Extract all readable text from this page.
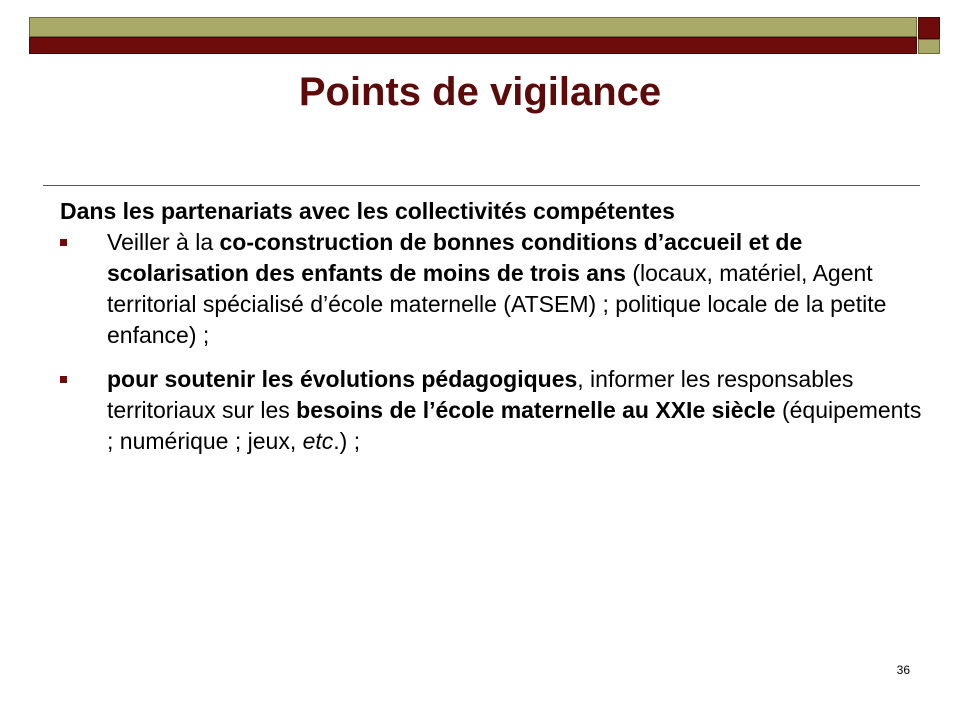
Points de vigilance

Dans les partenariats avec les collectivités compétentes

Veiller à la co-construction de bonnes conditions d’accueil et de scolarisation des enfants de moins de trois ans (locaux, matériel, Agent territorial spécialisé d’école maternelle (ATSEM) ; politique locale de la petite enfance) ;
pour soutenir les évolutions pédagogiques, informer les responsables territoriaux sur les besoins de l’école maternelle au XXIe siècle (équipements ; numérique ; jeux, etc.) ;
36
